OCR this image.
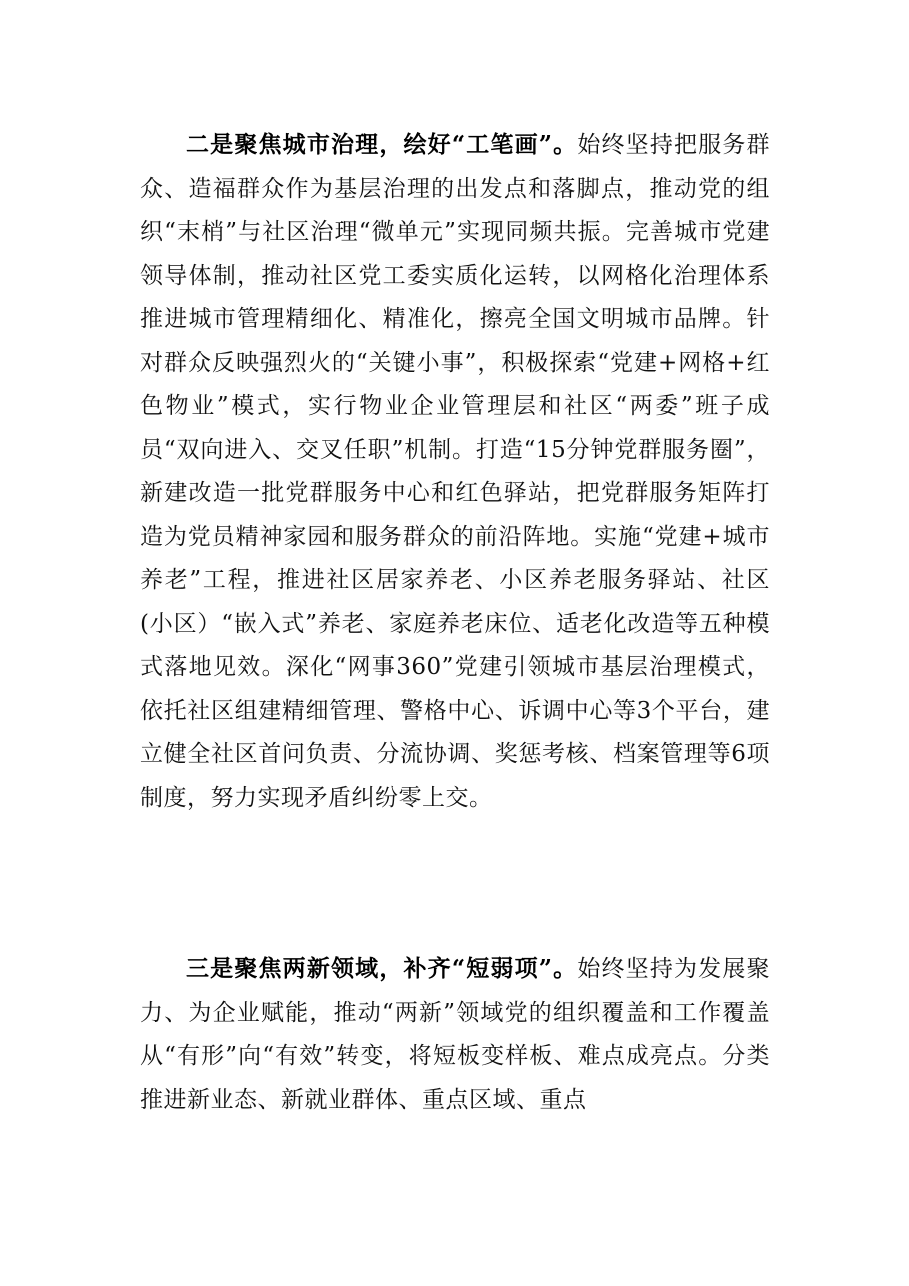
二是聚焦城市治理，绘好“工笔画”。始终坚持把服务群众、造福群众作为基层治理的出发点和落脚点，推动党的组织“末梢”与社区治理“微单元”实现同频共振。完善城市党建领导体制，推动社区党工委实质化运转，以网格化治理体系推进城市管理精细化、精准化，擦亮全国文明城市品牌。针对群众反映强烈火的“关键小事”，积极探索“党建+网格+红色物业”模式，实行物业企业管理层和社区“两委”班子成员“双向进入、交叉任职”机制。打造“15分钟党群服务圈”，新建改造一批党群服务中心和红色驿站，把党群服务矩阵打造为党员精神家园和服务群众的前沿阵地。实施“党建+城市养老”工程，推进社区居家养老、小区养老服务驿站、社区(小区）“嵌入式”养老、家庭养老床位、适老化改造等五种模式落地见效。深化“网事360”党建引领城市基层治理模式，依托社区组建精细管理、警格中心、诉调中心等3个平台，建立健全社区首问负责、分流协调、奖惩考核、档案管理等6项制度，努力实现矛盾纠纷零上交。

三是聚焦两新领域，补齐“短弱项”。始终坚持为发展聚力、为企业赋能，推动“两新”领域党的组织覆盖和工作覆盖从“有形”向“有效”转变，将短板变样板、难点成亮点。分类推进新业态、新就业群体、重点区域、重点
